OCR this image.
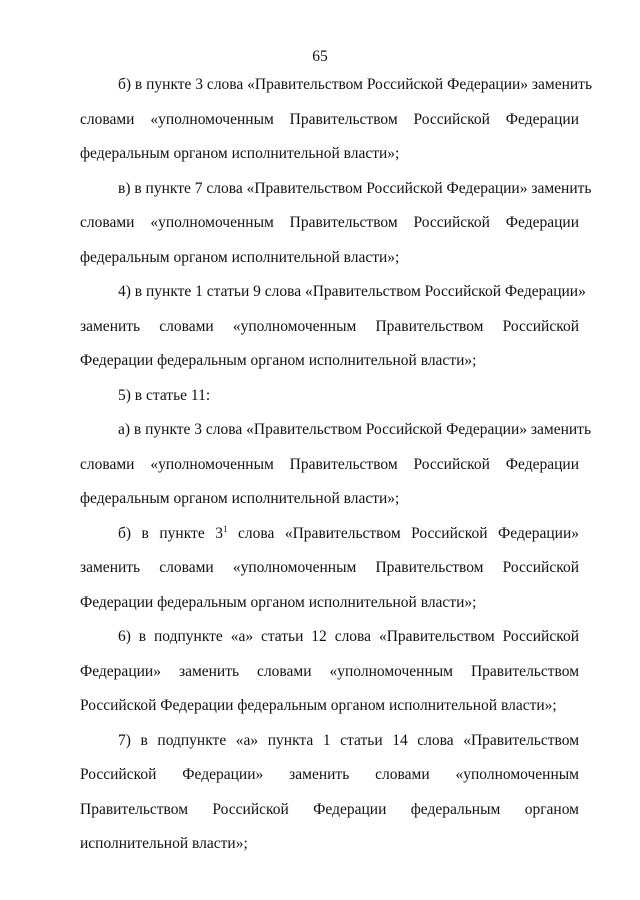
65
б) в пункте 3 слова «Правительством Российской Федерации» заменить
словами «уполномоченным Правительством Российской Федерации
федеральным органом исполнительной власти»;
в) в пункте 7 слова «Правительством Российской Федерации» заменить
словами «уполномоченным Правительством Российской Федерации
федеральным органом исполнительной власти»;
4) в пункте 1 статьи 9 слова «Правительством Российской Федерации»
заменить словами «уполномоченным Правительством Российской
Федерации федеральным органом исполнительной власти»;
5) в статье 11:
а) в пункте 3 слова «Правительством Российской Федерации» заменить
словами «уполномоченным Правительством Российской Федерации
федеральным органом исполнительной власти»;
б) в пункте $3^1$ слова «Правительством Российской Федерации»
заменить словами «уполномоченным Правительством Российской
Федерации федеральным органом исполнительной власти»;
6) в подпункте «а» статьи 12 слова «Правительством Российской
Федерации» заменить словами «уполномоченным Правительством
Российской Федерации федеральным органом исполнительной власти»;
7) в подпункте «а» пункта 1 статьи 14 слова «Правительством
Российской Федерации» заменить словами «уполномоченным
Правительством Российской Федерации федеральным органом
исполнительной власти»;
